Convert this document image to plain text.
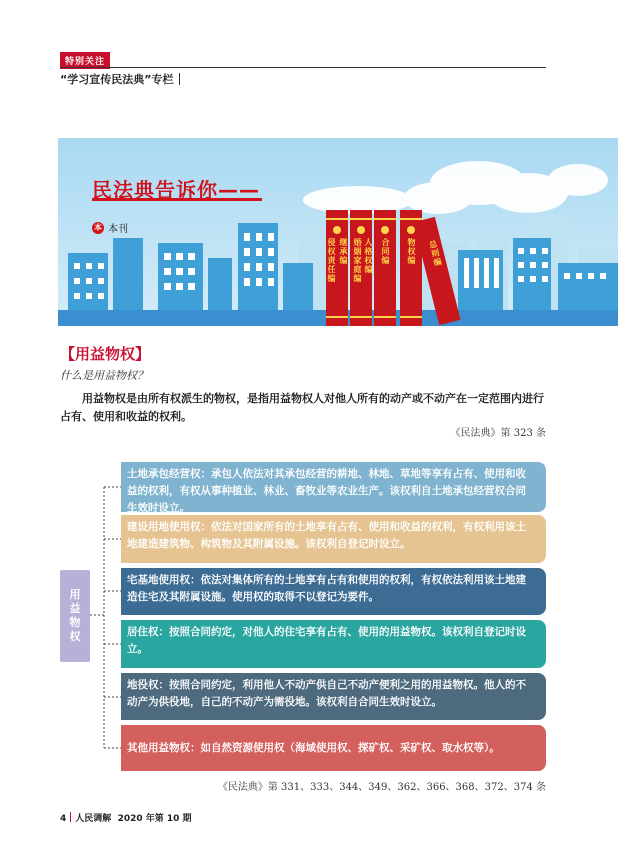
特别关注
“学习宣传民法典”专栏
民法典告诉你——
本 本刊
侵权责任编
继承编
婚姻家庭编
人格权编
合同编
物权编
总则编
【用益物权】
什么是用益物权？
用益物权是由所有权派生的物权，是指用益物权人对他人所有的动产或不动产在一定范围内进行占有、使用和收益的权利。
《民法典》第 323 条
用益物权
土地承包经营权：承包人依法对其承包经营的耕地、林地、草地等享有占有、使用和收益的权利，有权从事种植业、林业、畜牧业等农业生产。该权利自土地承包经营权合同生效时设立。
建设用地使用权：依法对国家所有的土地享有占有、使用和收益的权利，有权利用该土地建造建筑物、构筑物及其附属设施。该权利自登记时设立。
宅基地使用权：依法对集体所有的土地享有占有和使用的权利，有权依法利用该土地建造住宅及其附属设施。使用权的取得不以登记为要件。
居住权：按照合同约定，对他人的住宅享有占有、使用的用益物权。该权利自登记时设立。
地役权：按照合同约定，利用他人不动产供自己不动产便利之用的用益物权。他人的不动产为供役地，自己的不动产为需役地。该权利自合同生效时设立。
其他用益物权：如自然资源使用权（海域使用权、探矿权、采矿权、取水权等）。
《民法典》第 331、333、344、349、362、366、368、372、374 条
4 人民调解 2020 年第 10 期
